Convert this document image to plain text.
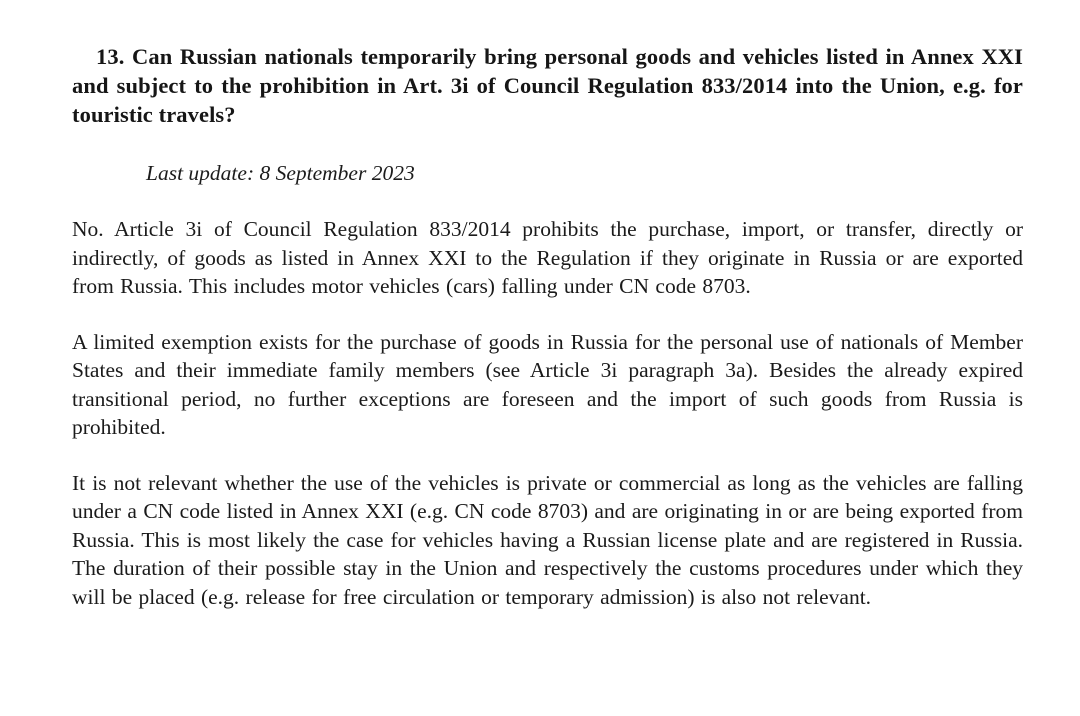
13. Can Russian nationals temporarily bring personal goods and vehicles listed in Annex XXI and subject to the prohibition in Art. 3i of Council Regulation 833/2014 into the Union, e.g. for touristic travels?

Last update: 8 September 2023

No. Article 3i of Council Regulation 833/2014 prohibits the purchase, import, or transfer, directly or indirectly, of goods as listed in Annex XXI to the Regulation if they originate in Russia or are exported from Russia. This includes motor vehicles (cars) falling under CN code 8703.

A limited exemption exists for the purchase of goods in Russia for the personal use of nationals of Member States and their immediate family members (see Article 3i paragraph 3a). Besides the already expired transitional period, no further exceptions are foreseen and the import of such goods from Russia is prohibited.

It is not relevant whether the use of the vehicles is private or commercial as long as the vehicles are falling under a CN code listed in Annex XXI (e.g. CN code 8703) and are originating in or are being exported from Russia. This is most likely the case for vehicles having a Russian license plate and are registered in Russia. The duration of their possible stay in the Union and respectively the customs procedures under which they will be placed (e.g. release for free circulation or temporary admission) is also not relevant.
